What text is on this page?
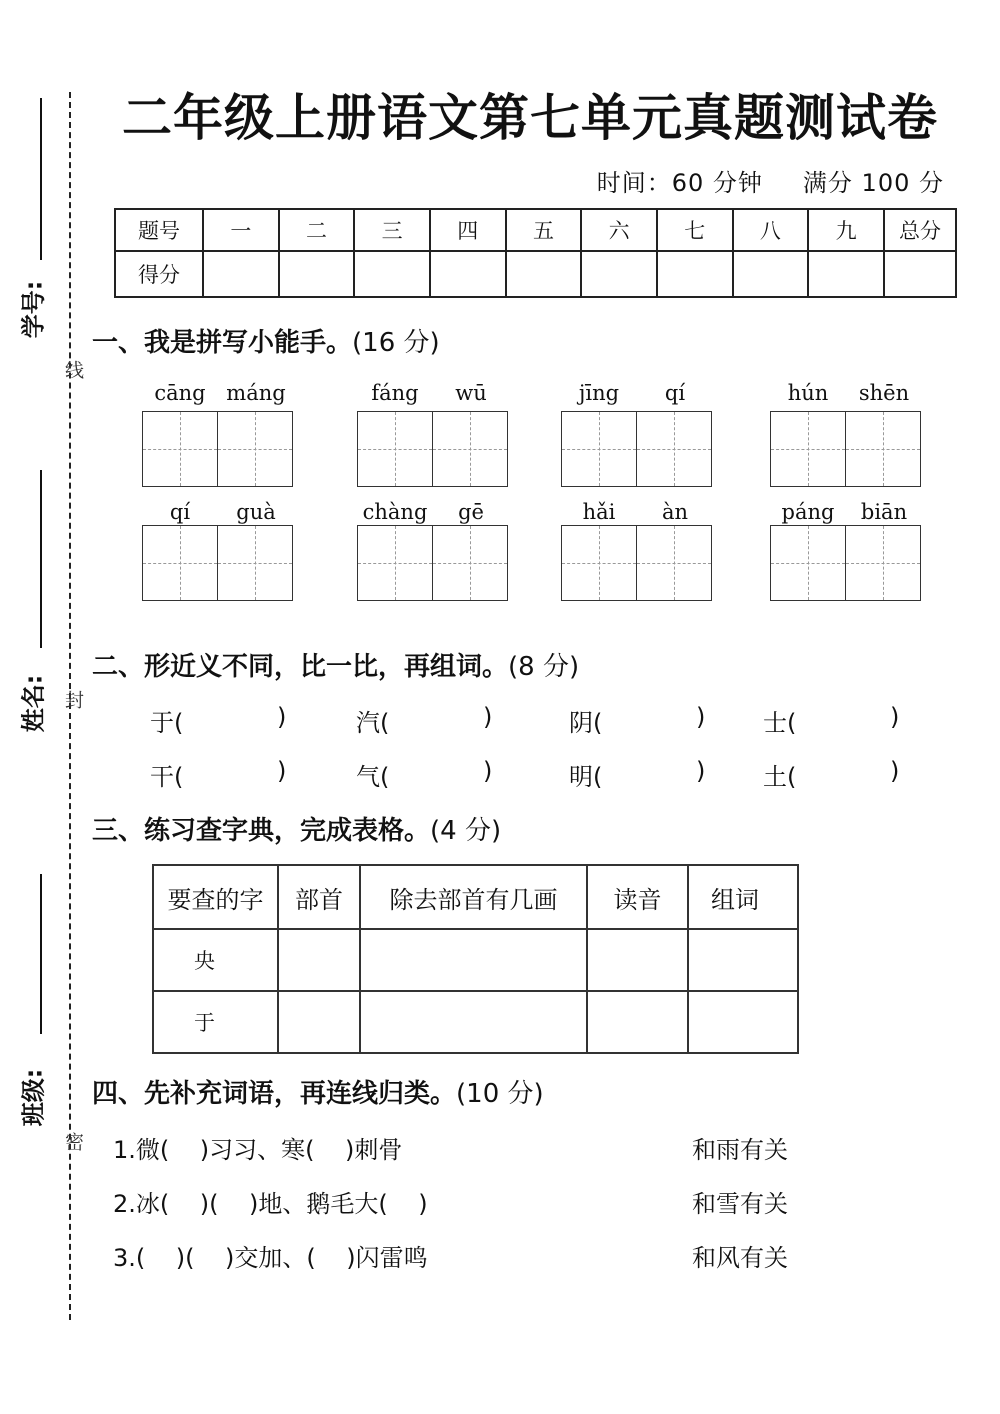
线
封
密
学号:
姓名:
班级:
二年级上册语文第七单元真题测试卷
时间：60 分钟 满分 100 分
题号	一	二	三	四	五	六	七	八	九	总分
得分										
一、我是拼写小能手。(16 分)
cāng máng	fáng	wū	jīng	qí	hún	shēn
qí	guà	chàng	gē	hǎi	àn	páng	biān
二、形近义不同，比一比，再组词。(8 分)
于(	)	汽(	)	阴(	) 士(	)
干(	)	气(	)	明(	) 土(	)
三、练习查字典，完成表格。(4 分)
要查的字	部首	除去部首有几画	读音	组词
央				
于				
四、先补充词语，再连线归类。(10 分)
1.微(    )习习、寒(    )刺骨
2.冰(    )(    )地、鹅毛大(    )
3.(    )(    )交加、(    )闪雷鸣
和雨有关
和雪有关
和风有关
